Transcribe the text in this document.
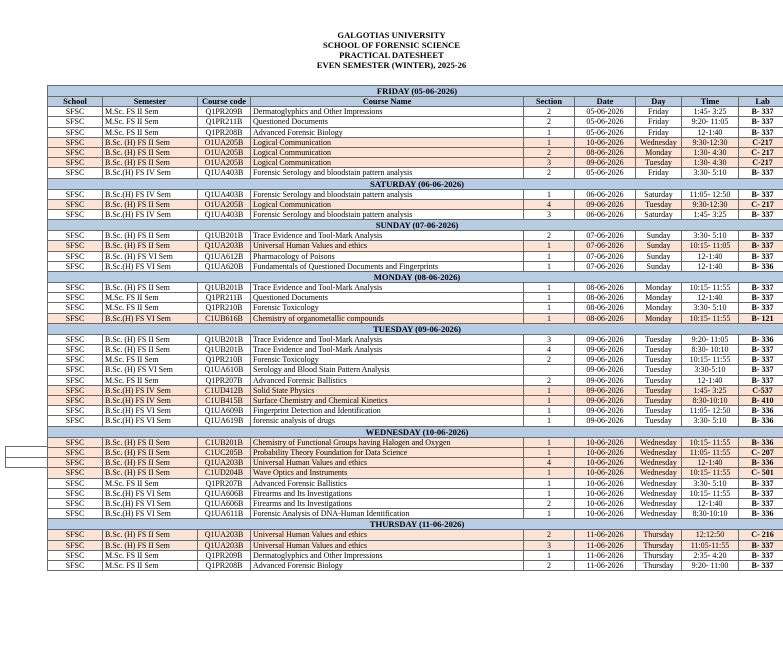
GALGOTIAS UNIVERSITY
SCHOOL OF FORENSIC SCIENCE
PRACTICAL DATESHEET
EVEN SEMESTER (WINTER), 2025-26
FRIDAY (05-06-2026)								
School	Semester	Course code	Course Name	Section	Date	Day	Time	Lab
SFSC	M.Sc. FS II Sem	Q1PR209B	Dermatoglyphics and Other Impressions	2	05-06-2026	Friday	1:45- 3:25	B- 337
SFSC	M.Sc. FS II Sem	Q1PR211B	Questioned Documents	2	05-06-2026	Friday	9:20- 11:05	B- 337
SFSC	M.Sc. FS II Sem	Q1PR208B	Advanced Forensic Biology	1	05-06-2026	Friday	12-1:40	B- 337
SFSC	B.Sc. (H) FS II Sem	O1UA205B	Logical Communication	1	10-06-2026	Wednesday	9:30-12:30	C-217
SFSC	B.Sc. (H) FS II Sem	O1UA205B	Logical Communication	2	08-06-2026	Monday	1:30- 4:30	C- 217
SFSC	B.Sc. (H) FS II Sem	O1UA205B	Logical Communication	3	09-06-2026	Tuesday	1:30- 4:30	C-217
SFSC	B.Sc.(H) FS IV Sem	Q1UA403B	Forensic Serology and bloodstain pattern analysis	2	05-06-2026	Friday	3:30- 5:10	B- 337
SATURDAY (06-06-2026)								
SFSC	B.Sc.(H) FS IV Sem	Q1UA403B	Forensic Serology and bloodstain pattern analysis	1	06-06-2026	Saturday	11:05- 12:50	B- 337
SFSC	B.Sc. (H) FS II Sem	O1UA205B	Logical Communication	4	09-06-2026	Tuesday	9:30-12:30	C- 217
SFSC	B.Sc.(H) FS IV Sem	Q1UA403B	Forensic Serology and bloodstain pattern analysis	3	06-06-2026	Saturday	1:45- 3:25	B- 337
SUNDAY (07-06-2026)								
SFSC	B.Sc. (H) FS II Sem	Q1UB201B	Trace Evidence and Tool-Mark Analysis	2	07-06-2026	Sunday	3:30- 5:10	B- 337
SFSC	B.Sc. (H) FS II Sem	Q1UA203B	Universal Human Values and ethics	1	07-06-2026	Sunday	10:15- 11:05	B- 337
SFSC	B.Sc. (H) FS VI Sem	Q1UA612B	Pharmacology of Poisons	1	07-06-2026	Sunday	12-1:40	B- 337
SFSC	B.Sc.(H) FS VI Sem	Q1UA620B	Fundamentals of Questioned Documents and Fingerprints	1	07-06-2026	Sunday	12-1:40	B- 336
MONDAY (08-06-2026)								
SFSC	B.Sc. (H) FS II Sem	Q1UB201B	Trace Evidence and Tool-Mark Analysis	1	08-06-2026	Monday	10:15- 11:55	B- 337
SFSC	M.Sc. FS II Sem	Q1PR211B	Questioned Documents	1	08-06-2026	Monday	12-1:40	B- 337
SFSC	M.Sc. FS II Sem	Q1PR210B	Forensic Toxicology	1	08-06-2026	Monday	3:30- 5:10	B- 337
SFSC	B.Sc.(H) FS VI Sem	C1UB616B	Chemistry of organometallic compounds	1	08-06-2026	Monday	10:15- 11:55	B- 121
TUESDAY (09-06-2026)								
SFSC	B.Sc. (H) FS II Sem	Q1UB201B	Trace Evidence and Tool-Mark Analysis	3	09-06-2026	Tuesday	9:20- 11:05	B- 336
SFSC	B.Sc. (H) FS II Sem	Q1UB201B	Trace Evidence and Tool-Mark Analysis	4	09-06-2026	Tuesday	8:30- 10:10	B- 337
SFSC	M.Sc. FS II Sem	Q1PR210B	Forensic Toxicology	2	09-06-2026	Tuesday	10:15- 11:55	B- 337
SFSC	B.Sc. (H) FS VI Sem	Q1UA610B	Serology and Blood Stain Pattern Analysis		09-06-2026	Tuesday	3:30-5:10	B- 337
SFSC	M.Sc. FS II Sem	Q1PR207B	Advanced Forensic Ballistics	2	09-06-2026	Tuesday	12-1:40	B- 337
SFSC	B.Sc.(H) FS IV Sem	C1UD412B	Solid State Physics	1	09-06-2026	Tuesday	1:45- 3:25	C-537
SFSC	B.Sc.(H) FS IV Sem	C1UB415B	Surface Chemistry and Chemical Kinetics	1	09-06-2026	Tuesday	8:30-10:10	B- 410
SFSC	B.Sc.(H) FS VI Sem	Q1UA609B	Fingerprint Detection and Identification	1	09-06-2026	Tuesday	11:05- 12:50	B- 336
SFSC	B.Sc.(H) FS VI Sem	Q1UA619B	forensic analysis of drugs	1	09-06-2026	Tuesday	3:30- 5:10	B- 336
WEDNESDAY (10-06-2026)								
SFSC	B.Sc. (H) FS II Sem	C1UB201B	Chemistry of Functional Groups having Halogen and Oxygen	1	10-06-2026	Wednesday	10:15- 11:55	B- 336
SFSC	B.Sc. (H) FS II Sem	C1UC205B	Probability Theory Foundation for Data Science	1	10-06-2026	Wednesday	11:05- 11:55	C- 207
SFSC	B.Sc. (H) FS II Sem	Q1UA203B	Universal Human Values and ethics	4	10-06-2026	Wednesday	12-1:40	B- 336
SFSC	B.Sc. (H) FS II Sem	C1UD204B	Wave Optics and Instruments	1	10-06-2026	Wednesday	10:15- 11:55	C- 501
SFSC	M.Sc. FS II Sem	Q1PR207B	Advanced Forensic Ballistics	1	10-06-2026	Wednesday	3:30- 5:10	B- 337
SFSC	B.Sc.(H) FS VI Sem	Q1UA606B	Firearms and Its Investigations	1	10-06-2026	Wednesday	10:15- 11:55	B- 337
SFSC	B.Sc.(H) FS VI Sem	Q1UA606B	Firearms and Its Investigations	2	10-06-2026	Wednesday	12-1:40	B- 337
SFSC	B.Sc.(H) FS VI Sem	Q1UA611B	Forensic Analysis of DNA-Human Identification	1	10-06-2026	Wednesday	8:30-10:10	B- 336
THURSDAY (11-06-2026)								
SFSC	B.Sc. (H) FS II Sem	Q1UA203B	Universal Human Values and ethics	2	11-06-2026	Thursday	12:12:50	C- 216
SFSC	B.Sc. (H) FS II Sem	Q1UA203B	Universal Human Values and ethics	3	11-06-2026	Thursday	11:05-11:55	B- 337
SFSC	M.Sc. FS II Sem	Q1PR209B	Dermatoglyphics and Other Impressions	1	11-06-2026	Thursday	2:35- 4:20	B- 337
SFSC	M.Sc. FS II Sem	Q1PR208B	Advanced Forensic Biology	2	11-06-2026	Thursday	9:20- 11:00	B- 337
